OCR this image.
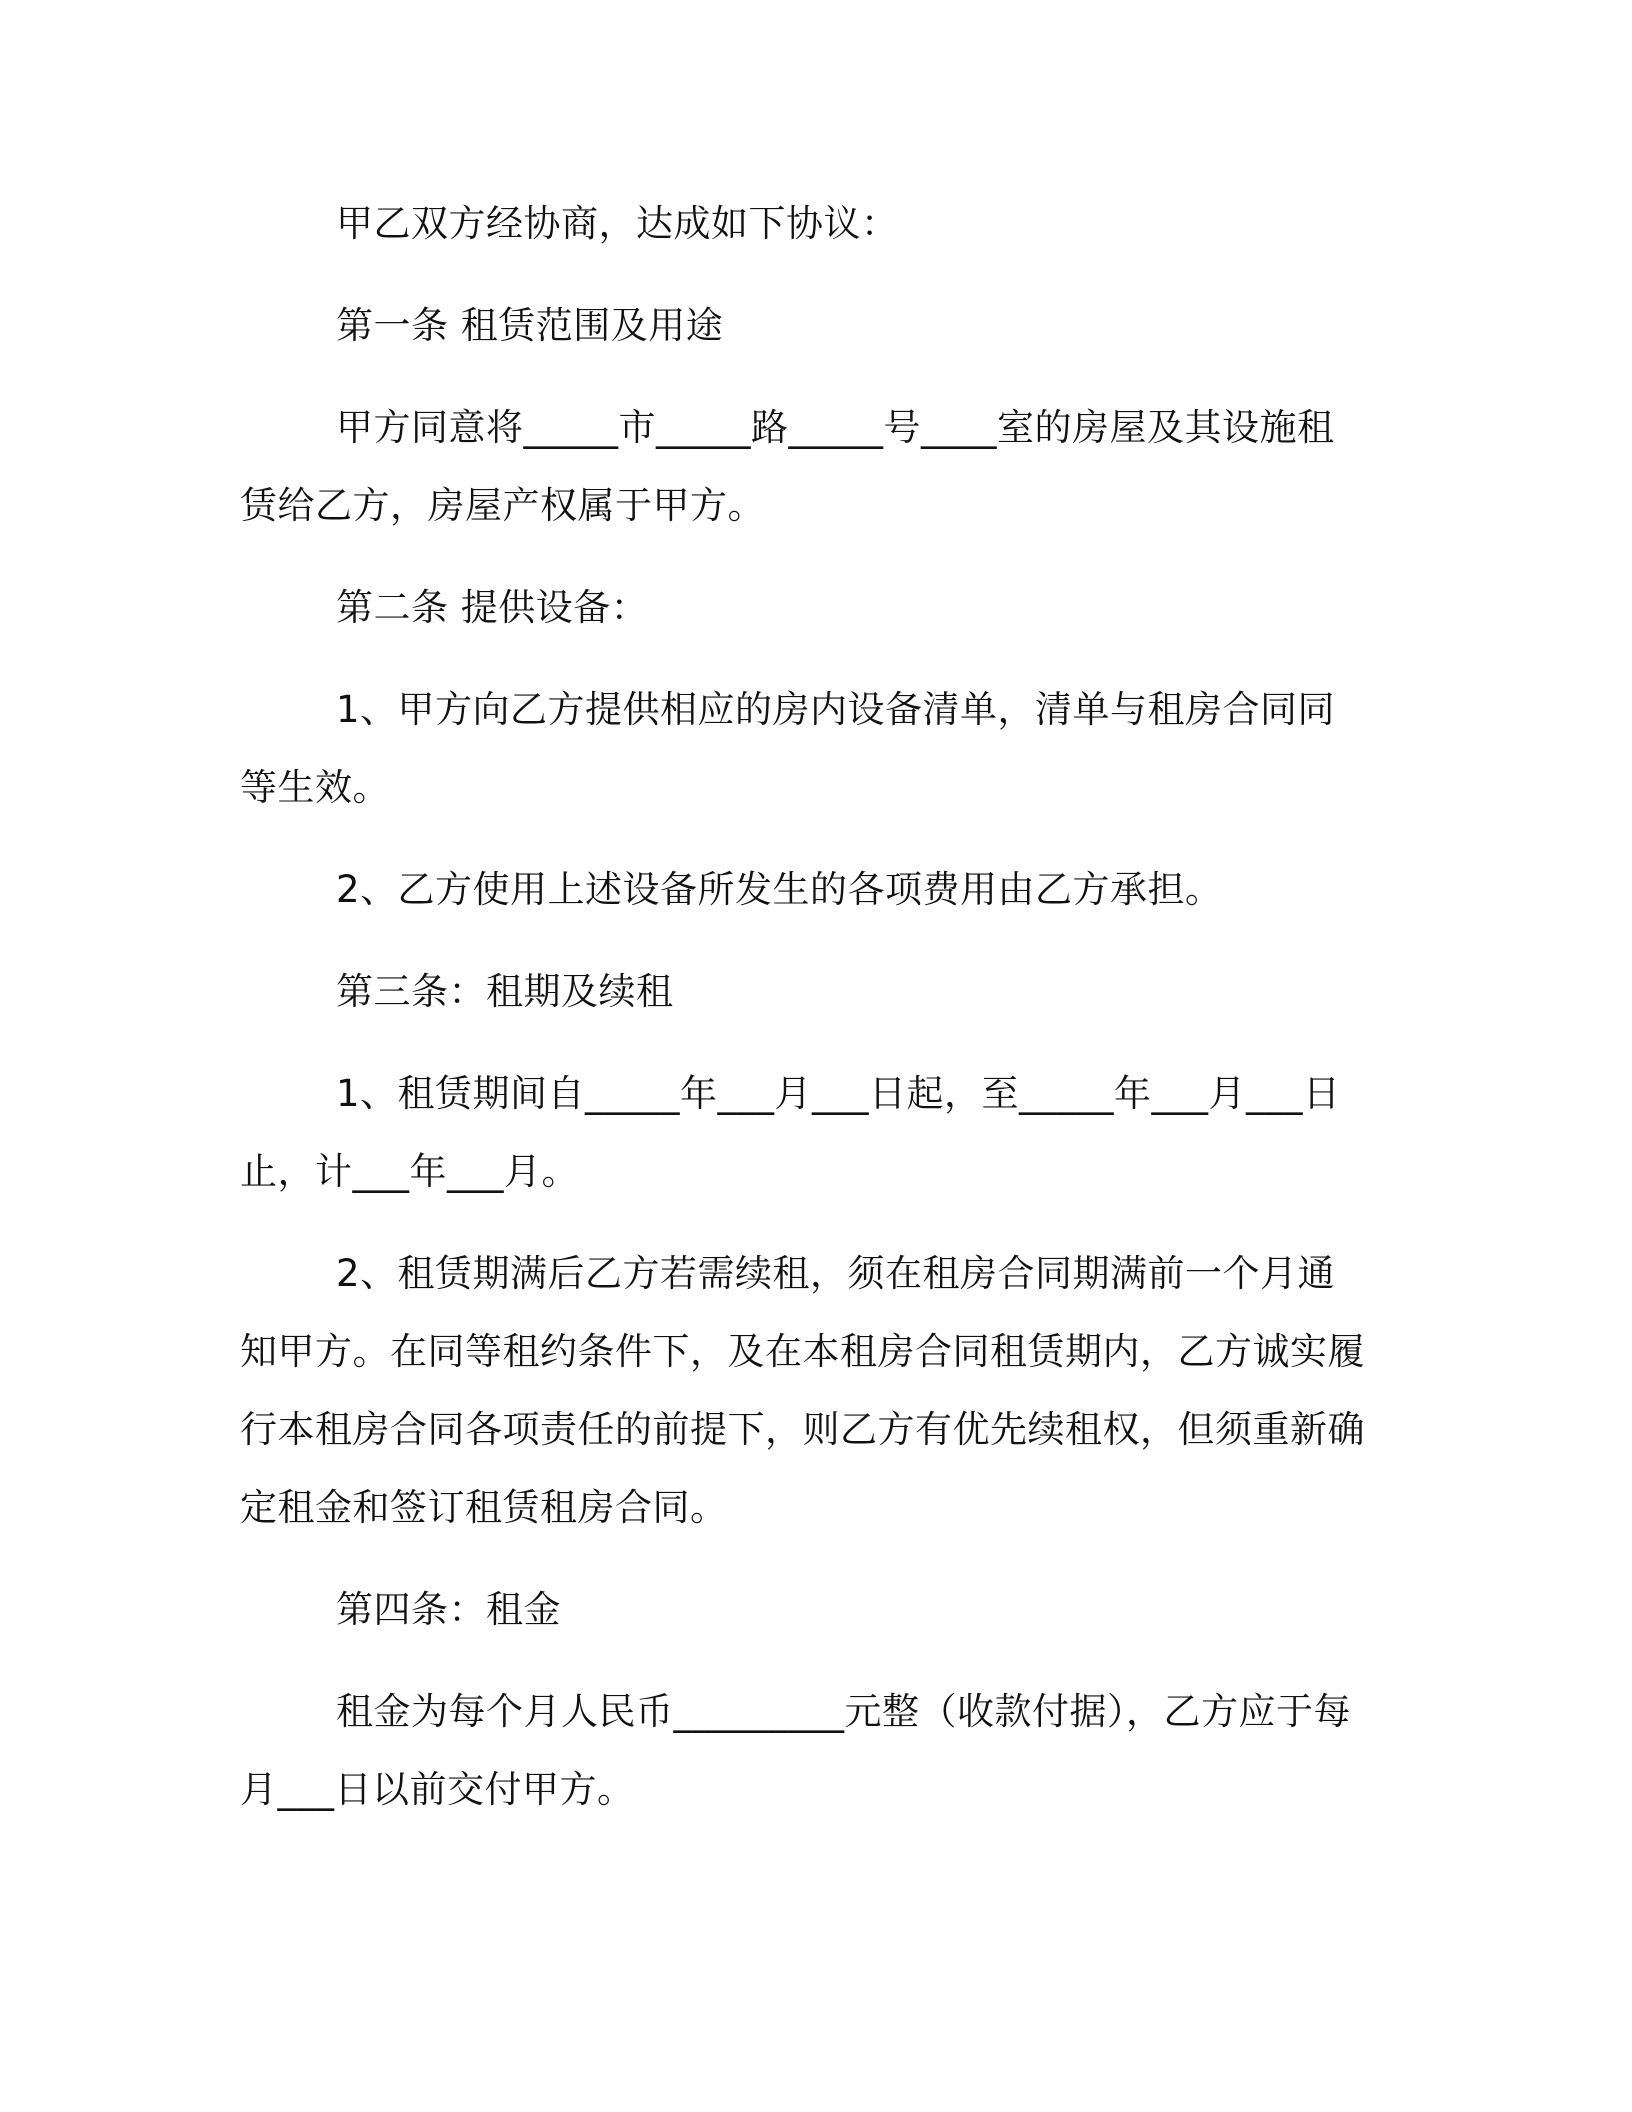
甲乙双方经协商，达成如下协议：

第一条 租赁范围及用途

甲方同意将_____市_____路_____号____室的房屋及其设施租赁给乙方，房屋产权属于甲方。

第二条 提供设备：

1、甲方向乙方提供相应的房内设备清单，清单与租房合同同等生效。

2、乙方使用上述设备所发生的各项费用由乙方承担。

第三条：租期及续租

1、租赁期间自_____年___月___日起，至_____年___月___日止，计___年___月。

2、租赁期满后乙方若需续租，须在租房合同期满前一个月通知甲方。在同等租约条件下，及在本租房合同租赁期内，乙方诚实履行本租房合同各项责任的前提下，则乙方有优先续租权，但须重新确定租金和签订租赁租房合同。

第四条：租金

租金为每个月人民币_________元整（收款付据），乙方应于每月___日以前交付甲方。
